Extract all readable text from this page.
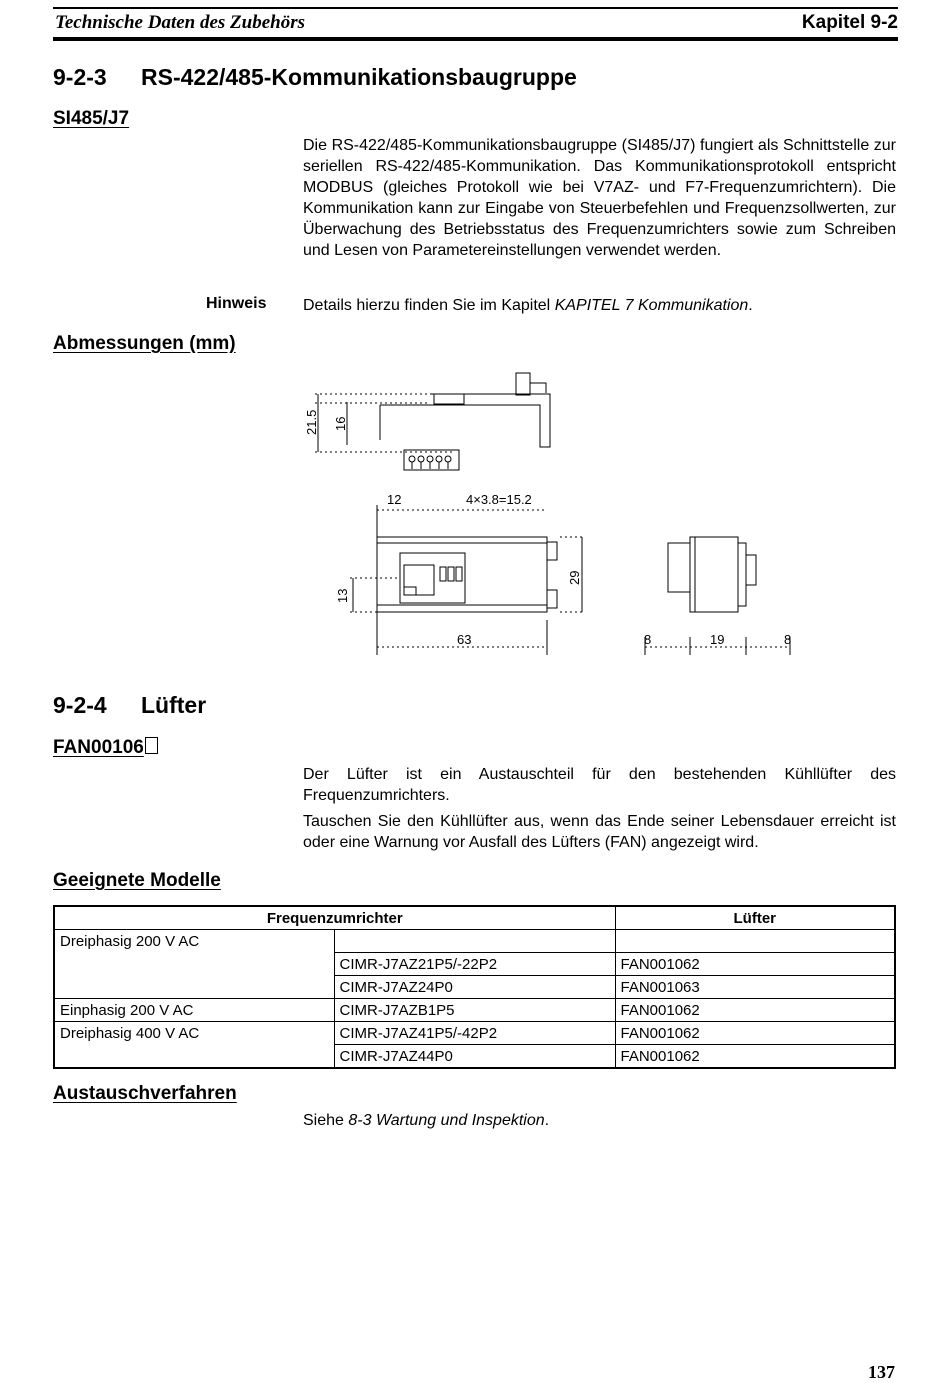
Technische Daten des Zubehörs	Kapitel 9-2
9-2-3 RS-422/485-Kommunikationsbaugruppe
SI485/J7
Die RS-422/485-Kommunikationsbaugruppe (SI485/J7) fungiert als Schnittstelle zur seriellen RS-422/485-Kommunikation. Das Kommunikationsprotokoll entspricht MODBUS (gleiches Protokoll wie bei V7AZ- und F7-Frequenzumrichtern). Die Kommunikation kann zur Eingabe von Steuerbefehlen und Frequenzsollwerten, zur Überwachung des Betriebsstatus des Frequenzumrichters sowie zum Schreiben und Lesen von Parametereinstellungen verwendet werden.
Hinweis Details hierzu finden Sie im Kapitel KAPITEL 7 Kommunikation.
Abmessungen (mm)
21.5 16
12	4×3.8=15.2
29
13
63	8	19	8
9-2-4 Lüfter
FAN00106
Der Lüfter ist ein Austauschteil für den bestehenden Kühllüfter des Frequenzumrichters.
Tauschen Sie den Kühllüfter aus, wenn das Ende seiner Lebensdauer erreicht ist oder eine Warnung vor Ausfall des Lüfters (FAN) angezeigt wird.
Geeignete Modelle
Frequenzumrichter		Lüfter
Dreiphasig 200 V AC		
	CIMR-J7AZ21P5/-22P2	FAN001062
	CIMR-J7AZ24P0	FAN001063
Einphasig 200 V AC	CIMR-J7AZB1P5	FAN001062
Dreiphasig 400 V AC	CIMR-J7AZ41P5/-42P2	FAN001062
	CIMR-J7AZ44P0	FAN001062
Austauschverfahren
Siehe 8-3 Wartung und Inspektion.
137
